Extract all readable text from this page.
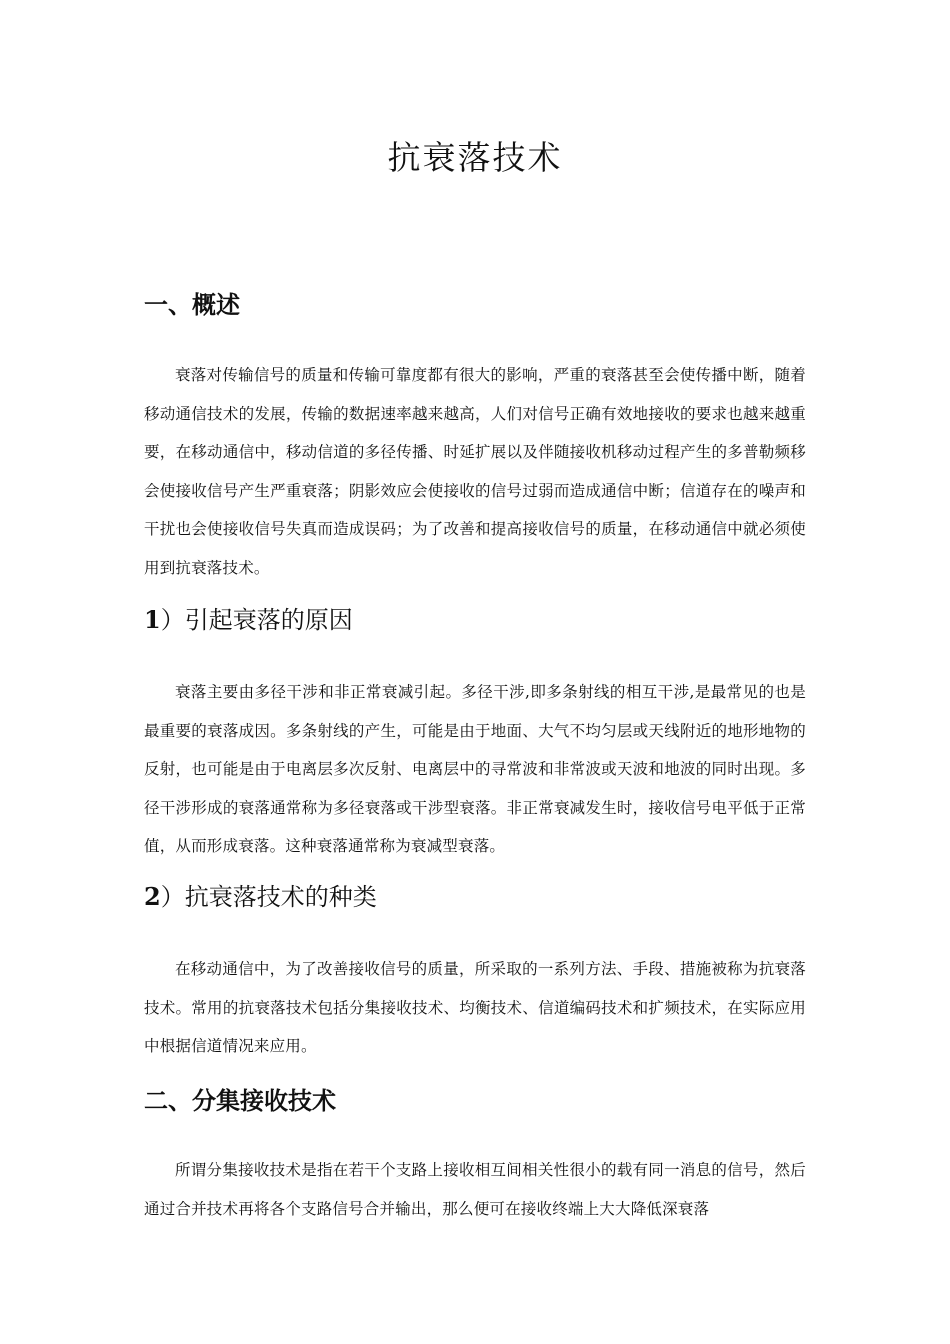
抗衰落技术
一、概述

衰落对传输信号的质量和传输可靠度都有很大的影响，严重的衰落甚至会使传播中断，随着移动通信技术的发展，传输的数据速率越来越高，人们对信号正确有效地接收的要求也越来越重要，在移动通信中，移动信道的多径传播、时延扩展以及伴随接收机移动过程产生的多普勒频移会使接收信号产生严重衰落；阴影效应会使接收的信号过弱而造成通信中断；信道存在的噪声和干扰也会使接收信号失真而造成误码；为了改善和提高接收信号的质量，在移动通信中就必须使用到抗衰落技术。

1）引起衰落的原因

衰落主要由多径干涉和非正常衰减引起。多径干涉,即多条射线的相互干涉,是最常见的也是最重要的衰落成因。多条射线的产生，可能是由于地面、大气不均匀层或天线附近的地形地物的反射，也可能是由于电离层多次反射、电离层中的寻常波和非常波或天波和地波的同时出现。多径干涉形成的衰落通常称为多径衰落或干涉型衰落。非正常衰减发生时，接收信号电平低于正常值，从而形成衰落。这种衰落通常称为衰减型衰落。

2）抗衰落技术的种类

在移动通信中，为了改善接收信号的质量，所采取的一系列方法、手段、措施被称为抗衰落技术。常用的抗衰落技术包括分集接收技术、均衡技术、信道编码技术和扩频技术，在实际应用中根据信道情况来应用。

二、分集接收技术

所谓分集接收技术是指在若干个支路上接收相互间相关性很小的载有同一消息的信号，然后通过合并技术再将各个支路信号合并输出，那么便可在接收终端上大大降低深衰落
